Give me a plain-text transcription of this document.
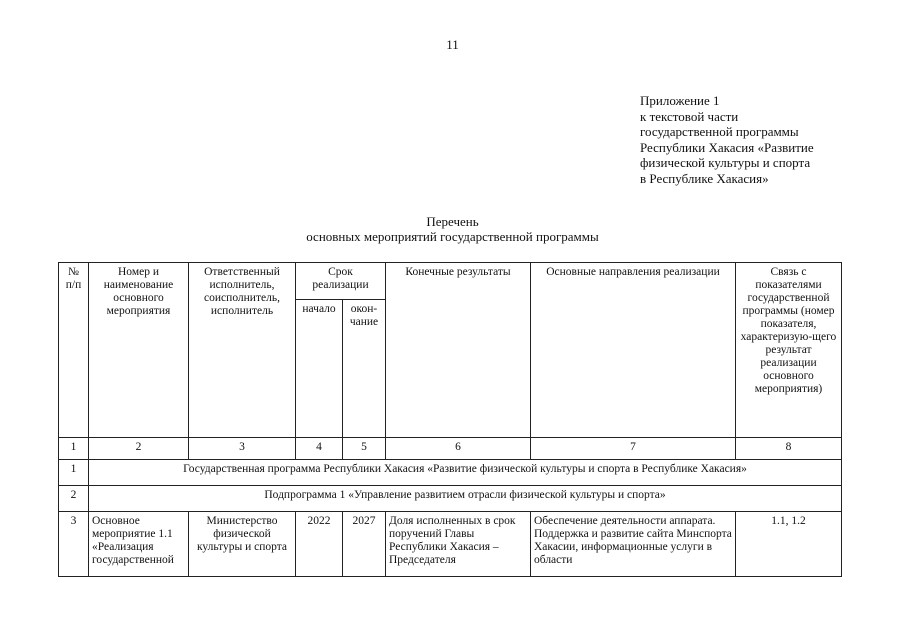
11
Приложение 1
к текстовой части
государственной программы
Республики Хакасия «Развитие
физической культуры и спорта
в Республике Хакасия»
Перечень
основных мероприятий государственной программы
№ п/п	Номер и наименование основного мероприятия	Ответственный исполнитель, соисполнитель, исполнитель	Срок реализации		Конечные результаты	Основные направления реализации	Связь с показателями государственной программы (номер показателя, характеризую-щего результат реализации основного мероприятия)
			начало	окон-
чание			
1	2	3	4	5	6	7	8
1	Государственная программа Республики Хакасия «Развитие физической культуры и спорта в Республике Хакасия»						
2	Подпрограмма 1 «Управление развитием отрасли физической культуры и спорта»						
3	Основное мероприятие 1.1 «Реализация государственной	Министерство физической культуры и спорта	2022	2027	Доля исполненных в срок поручений Главы Республики Хакасия – Председателя	Обеспечение деятельности аппарата. Поддержка и развитие сайта Минспорта Хакасии, информационные услуги в области	1.1, 1.2
